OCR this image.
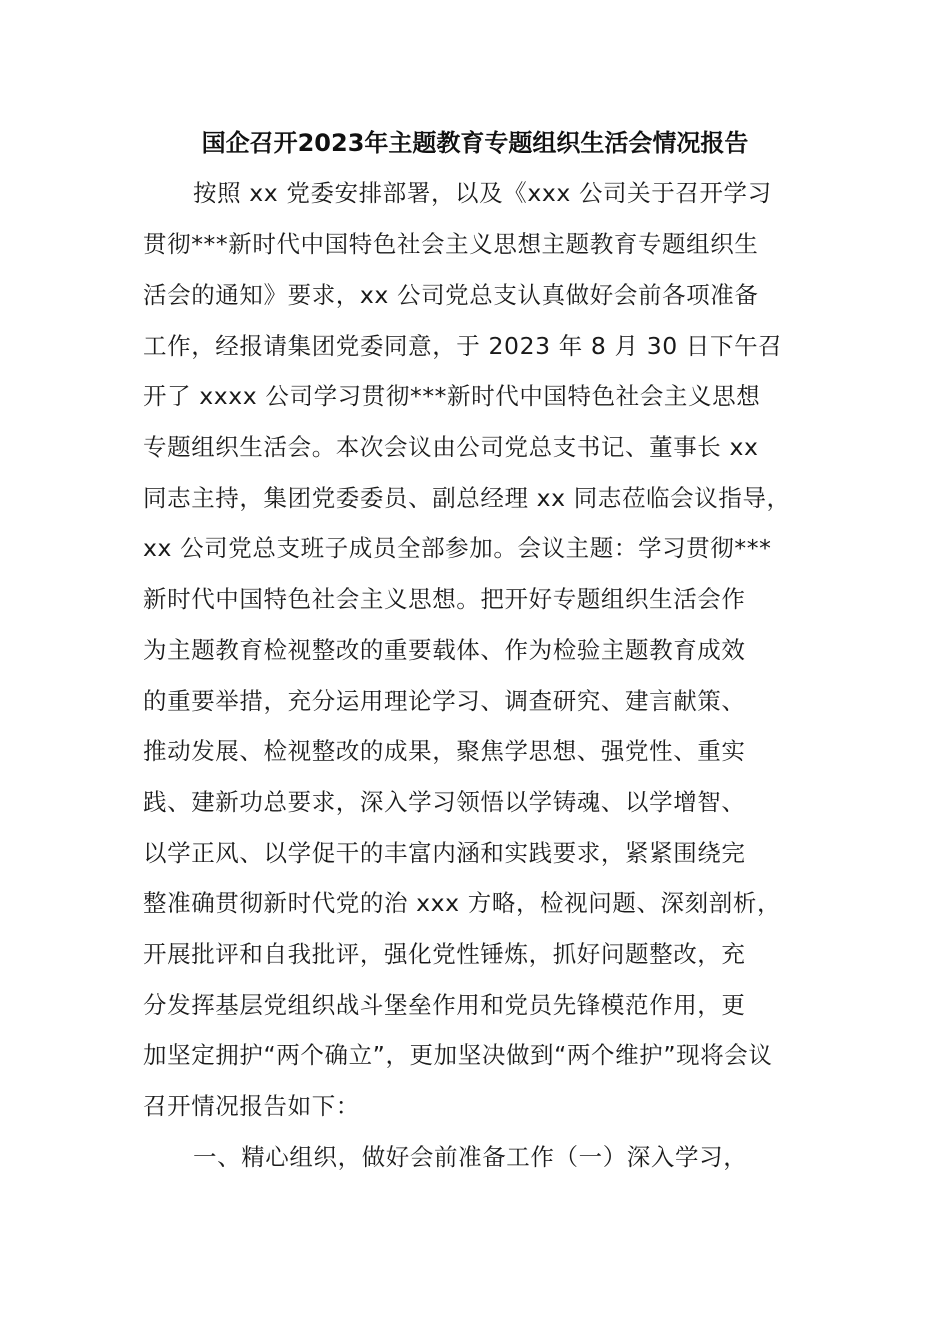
国企召开2023年主题教育专题组织生活会情况报告
按照 xx 党委安排部署，以及《xxx 公司关于召开学习
贯彻***新时代中国特色社会主义思想主题教育专题组织生
活会的通知》要求，xx 公司党总支认真做好会前各项准备
工作，经报请集团党委同意，于 2023 年 8 月 30 日下午召
开了 xxxx 公司学习贯彻***新时代中国特色社会主义思想
专题组织生活会。本次会议由公司党总支书记、董事长 xx
同志主持，集团党委委员、副总经理 xx 同志莅临会议指导，
xx 公司党总支班子成员全部参加。会议主题：学习贯彻***
新时代中国特色社会主义思想。把开好专题组织生活会作
为主题教育检视整改的重要载体、作为检验主题教育成效
的重要举措，充分运用理论学习、调查研究、建言献策、
推动发展、检视整改的成果，聚焦学思想、强党性、重实
践、建新功总要求，深入学习领悟以学铸魂、以学增智、
以学正风、以学促干的丰富内涵和实践要求，紧紧围绕完
整准确贯彻新时代党的治 xxx 方略，检视问题、深刻剖析，
开展批评和自我批评，强化党性锤炼，抓好问题整改，充
分发挥基层党组织战斗堡垒作用和党员先锋模范作用，更
加坚定拥护“两个确立”，更加坚决做到“两个维护”现将会议
召开情况报告如下：
一、精心组织，做好会前准备工作（一）深入学习，
